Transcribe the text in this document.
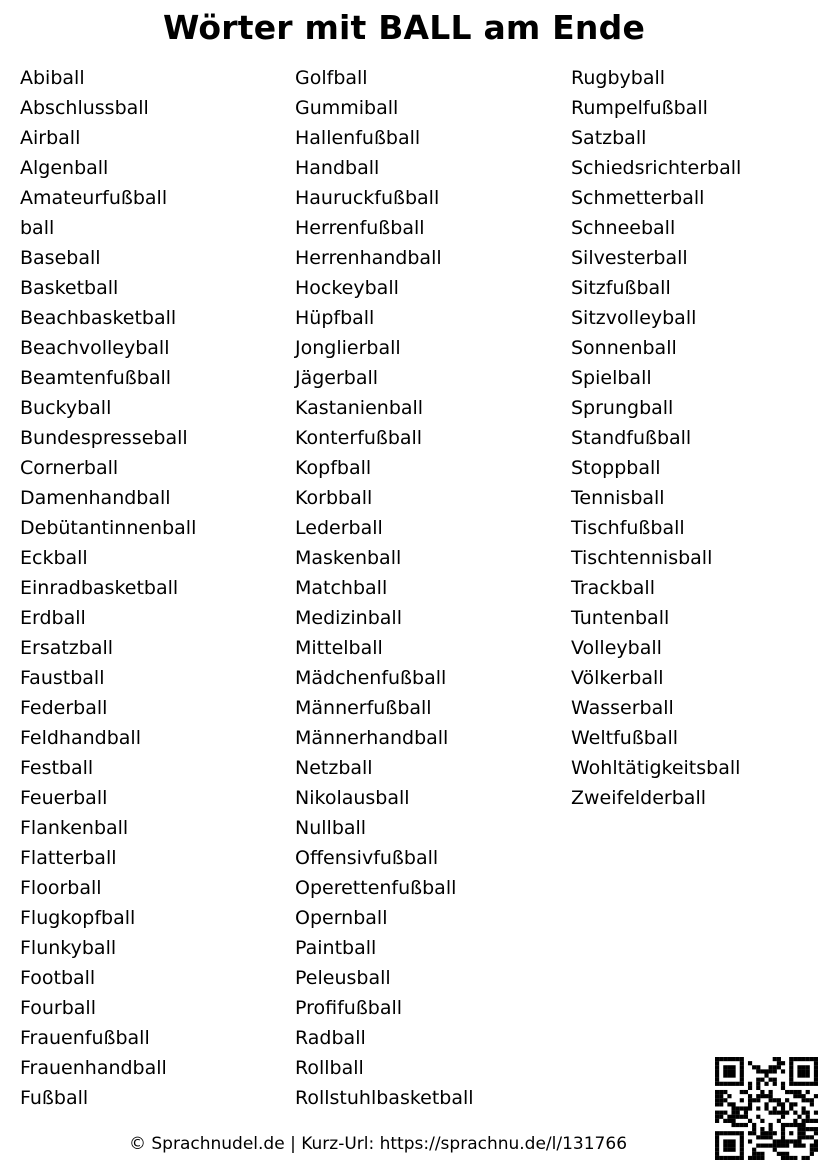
Wörter mit BALL am Ende
Abiball
Abschlussball
Airball
Algenball
Amateurfußball
ball
Baseball
Basketball
Beachbasketball
Beachvolleyball
Beamtenfußball
Buckyball
Bundespresseball
Cornerball
Damenhandball
Debütantinnenball
Eckball
Einradbasketball
Erdball
Ersatzball
Faustball
Federball
Feldhandball
Festball
Feuerball
Flankenball
Flatterball
Floorball
Flugkopfball
Flunkyball
Football
Fourball
Frauenfußball
Frauenhandball
Fußball
Golfball
Gummiball
Hallenfußball
Handball
Hauruckfußball
Herrenfußball
Herrenhandball
Hockeyball
Hüpfball
Jonglierball
Jägerball
Kastanienball
Konterfußball
Kopfball
Korbball
Lederball
Maskenball
Matchball
Medizinball
Mittelball
Mädchenfußball
Männerfußball
Männerhandball
Netzball
Nikolausball
Nullball
Offensivfußball
Operettenfußball
Opernball
Paintball
Peleusball
Profifußball
Radball
Rollball
Rollstuhlbasketball
Rugbyball
Rumpelfußball
Satzball
Schiedsrichterball
Schmetterball
Schneeball
Silvesterball
Sitzfußball
Sitzvolleyball
Sonnenball
Spielball
Sprungball
Standfußball
Stoppball
Tennisball
Tischfußball
Tischtennisball
Trackball
Tuntenball
Volleyball
Völkerball
Wasserball
Weltfußball
Wohltätigkeitsball
Zweifelderball
© Sprachnudel.de | Kurz-Url: https://sprachnu.de/l/131766
